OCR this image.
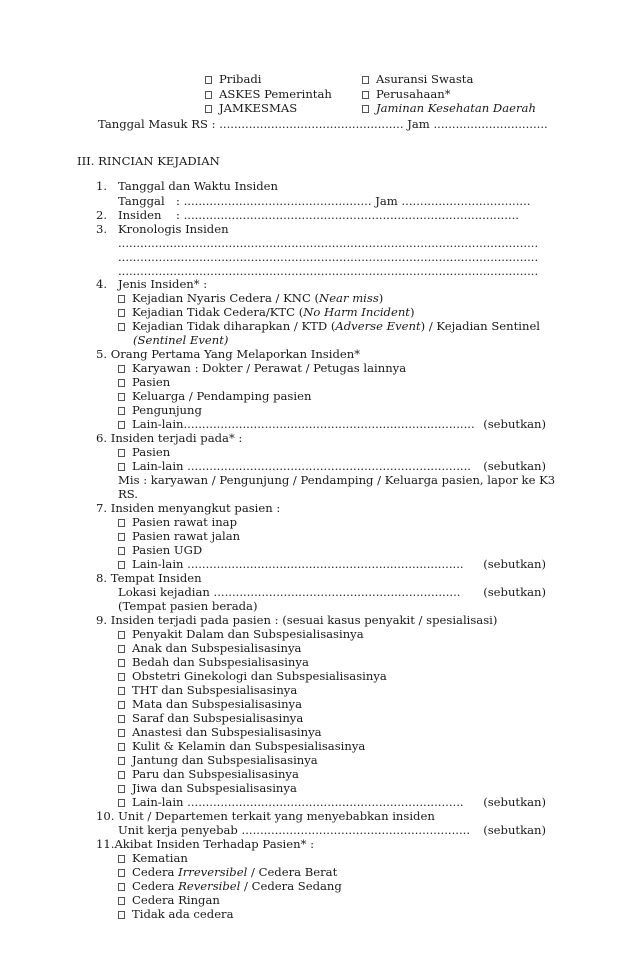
Pribadi
ASKES Pemerintah
JAMKESMAS
Asuransi Swasta
Perusahaan*
Jaminan Kesehatan Daerah
Tanggal Masuk RS : .................................................. Jam ...............................
III. RINCIAN KEJADIAN
1. Tanggal dan Waktu Insiden
Tanggal : ................................................... Jam ...................................
2. Insiden : ...........................................................................................
3. Kronologis Insiden
..................................................................................................................
..................................................................................................................
..................................................................................................................
4. Jenis Insiden* :
Kejadian Nyaris Cedera / KNC (Near miss)
Kejadian Tidak Cedera/KTC (No Harm Incident)
Kejadian Tidak diharapkan / KTD (Adverse Event) / Kejadian Sentinel
(Sentinel Event)
5. Orang Pertama Yang Melaporkan Insiden*
Karyawan : Dokter / Perawat / Petugas lainnya
Pasien
Keluarga / Pendamping pasien
Pengunjung
Lain-lain............................................................................... (sebutkan)
6. Insiden terjadi pada* :
Pasien
Lain-lain ............................................................................. (sebutkan)
Mis : karyawan / Pengunjung / Pendamping / Keluarga pasien, lapor ke K3
RS.
7. Insiden menyangkut pasien :
Pasien rawat inap
Pasien rawat jalan
Pasien UGD
Lain-lain ........................................................................... (sebutkan)
8. Tempat Insiden
Lokasi kejadian ................................................................... (sebutkan)
(Tempat pasien berada)
9. Insiden terjadi pada pasien : (sesuai kasus penyakit / spesialisasi)
Penyakit Dalam dan Subspesialisasinya
Anak dan Subspesialisasinya
Bedah dan Subspesialisasinya
Obstetri Ginekologi dan Subspesialisasinya
THT dan Subspesialisasinya
Mata dan Subspesialisasinya
Saraf dan Subspesialisasinya
Anastesi dan Subspesialisasinya
Kulit & Kelamin dan Subspesialisasinya
Jantung dan Subspesialisasinya
Paru dan Subspesialisasinya
Jiwa dan Subspesialisasinya
Lain-lain ........................................................................... (sebutkan)
10. Unit / Departemen terkait yang menyebabkan insiden
Unit kerja penyebab .............................................................. (sebutkan)
11.Akibat Insiden Terhadap Pasien* :
Kematian
Cedera Irreversibel / Cedera Berat
Cedera Reversibel / Cedera Sedang
Cedera Ringan
Tidak ada cedera
